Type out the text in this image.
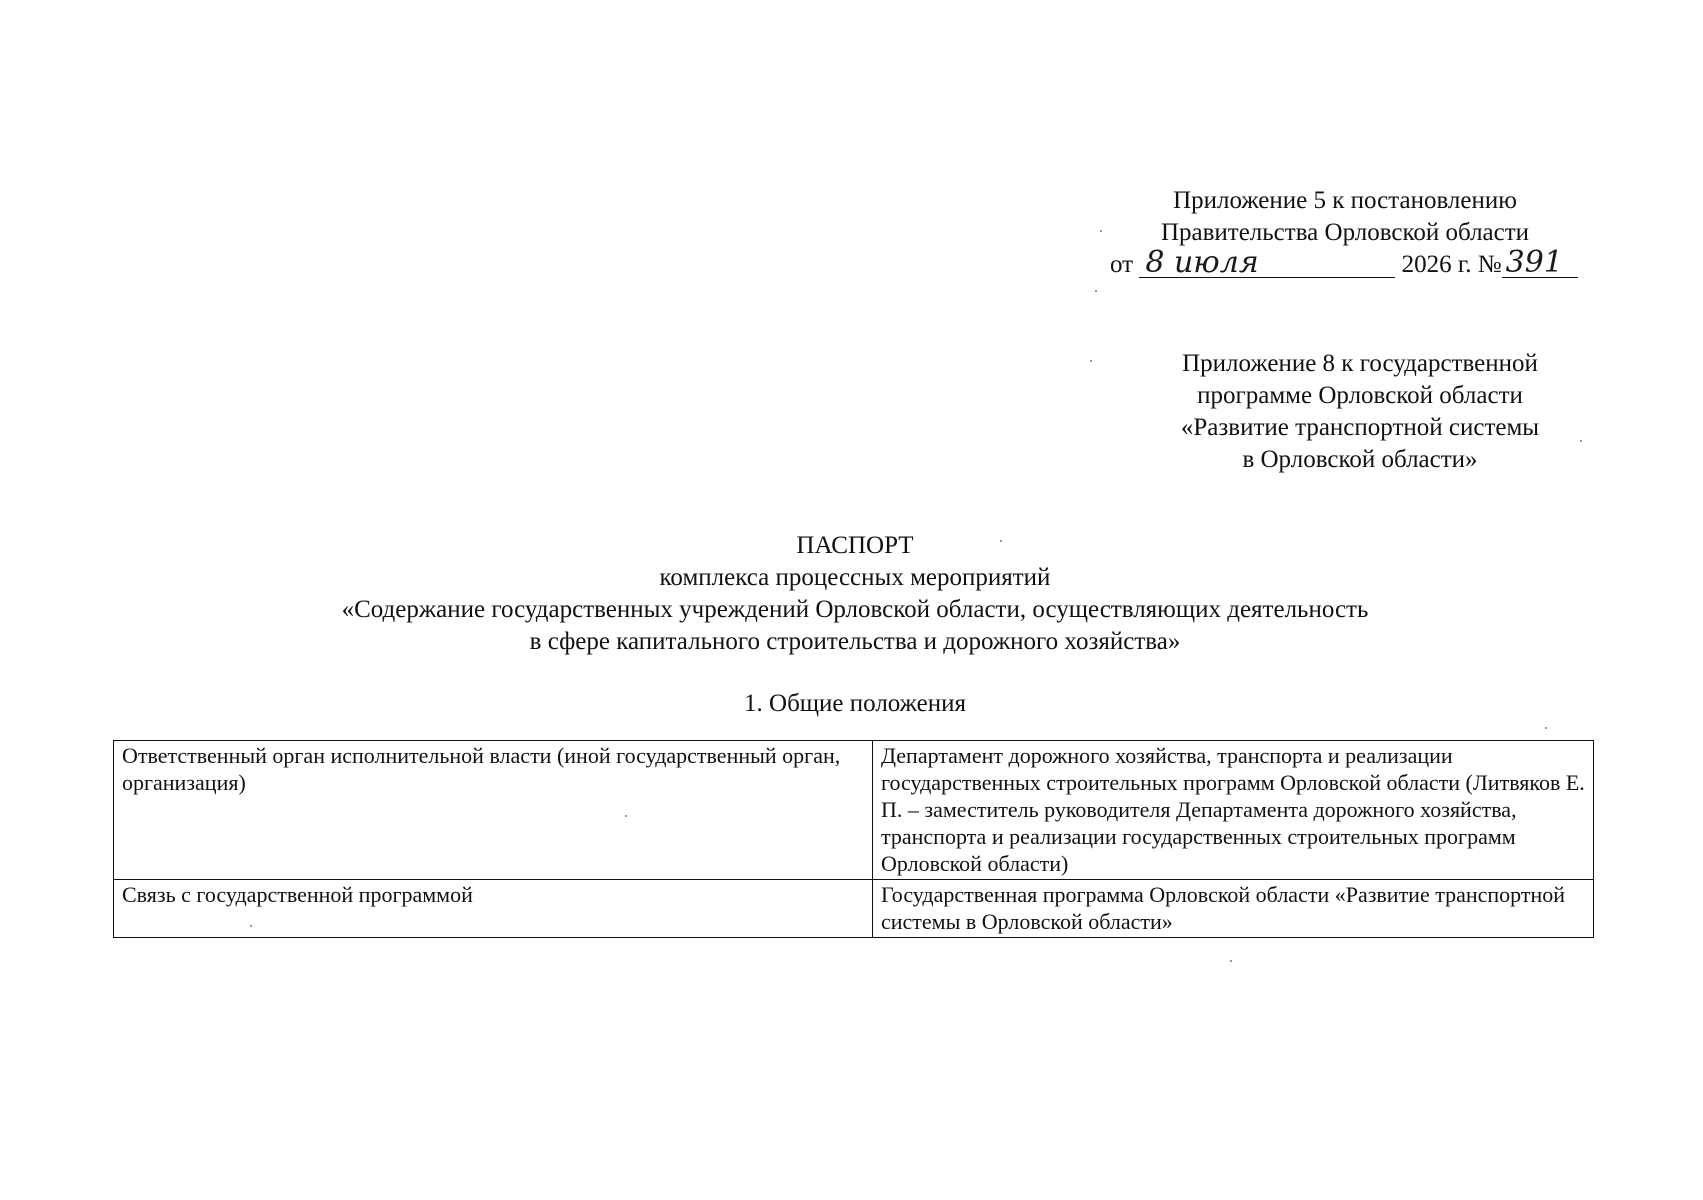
Приложение 5 к постановлению
Правительства Орловской области
от 8 июля	2026 г. № 391
Приложение 8 к государственной
программе Орловской области
«Развитие транспортной системы
в Орловской области»
ПАСПОРТ
комплекса процессных мероприятий
«Содержание государственных учреждений Орловской области, осуществляющих деятельность
в сфере капитального строительства и дорожного хозяйства»
1. Общие положения
Ответственный орган исполнительной власти (иной государственный орган, организация)	Департамент дорожного хозяйства, транспорта и реализации государственных строительных программ Орловской области (Литвяков Е. П. – заместитель руководителя Департамента дорожного хозяйства, транспорта и реализации государственных строительных программ Орловской области)
Связь с государственной программой	Государственная программа Орловской области «Развитие транспортной системы в Орловской области»
